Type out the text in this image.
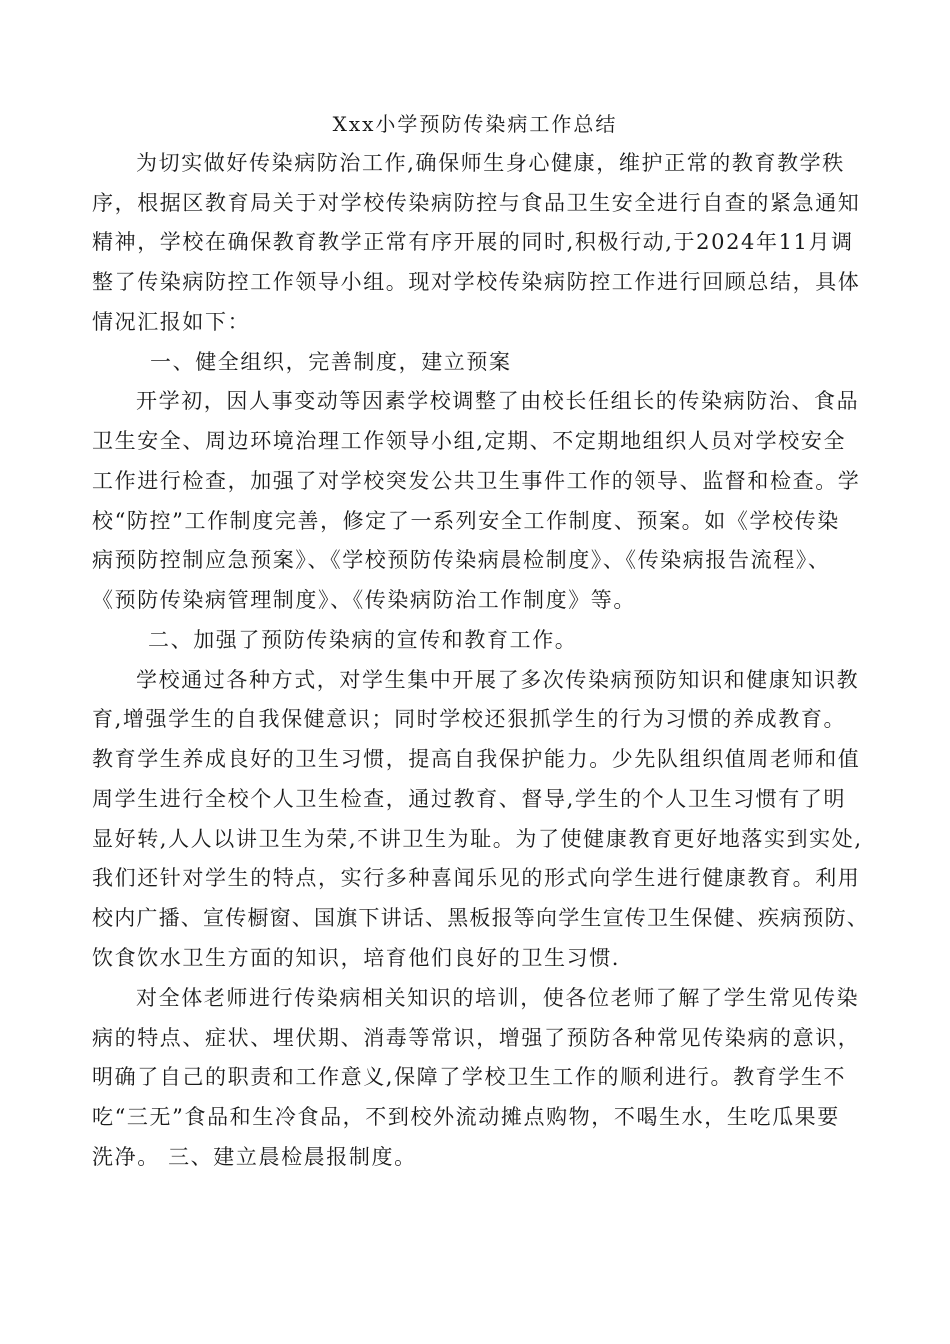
Xxx小学预防传染病工作总结
为切实做好传染病防治工作,确保师生身心健康，维护正常的教育教学秩
序，根据区教育局关于对学校传染病防控与食品卫生安全进行自查的紧急通知
精神，学校在确保教育教学正常有序开展的同时,积极行动,于2024年11月调
整了传染病防控工作领导小组。现对学校传染病防控工作进行回顾总结，具体
情况汇报如下：
一、健全组织，完善制度，建立预案
开学初，因人事变动等因素学校调整了由校长任组长的传染病防治、食品
卫生安全、周边环境治理工作领导小组,定期、不定期地组织人员对学校安全
工作进行检查，加强了对学校突发公共卫生事件工作的领导、监督和检查。学
校“防控”工作制度完善，修定了一系列安全工作制度、预案。如《学校传染
病预防控制应急预案》、《学校预防传染病晨检制度》、《传染病报告流程》、
《预防传染病管理制度》、《传染病防治工作制度》等。
二、加强了预防传染病的宣传和教育工作。
学校通过各种方式，对学生集中开展了多次传染病预防知识和健康知识教
育,增强学生的自我保健意识；同时学校还狠抓学生的行为习惯的养成教育。
教育学生养成良好的卫生习惯，提高自我保护能力。少先队组织值周老师和值
周学生进行全校个人卫生检查，通过教育、督导,学生的个人卫生习惯有了明
显好转,人人以讲卫生为荣,不讲卫生为耻。为了使健康教育更好地落实到实处,
我们还针对学生的特点，实行多种喜闻乐见的形式向学生进行健康教育。利用
校内广播、宣传橱窗、国旗下讲话、黑板报等向学生宣传卫生保健、疾病预防、
饮食饮水卫生方面的知识，培育他们良好的卫生习惯.
对全体老师进行传染病相关知识的培训，使各位老师了解了学生常见传染
病的特点、症状、埋伏期、消毒等常识，增强了预防各种常见传染病的意识，
明确了自己的职责和工作意义,保障了学校卫生工作的顺利进行。教育学生不
吃“三无”食品和生冷食品，不到校外流动摊点购物，不喝生水，生吃瓜果要
洗净。 三、建立晨检晨报制度。
